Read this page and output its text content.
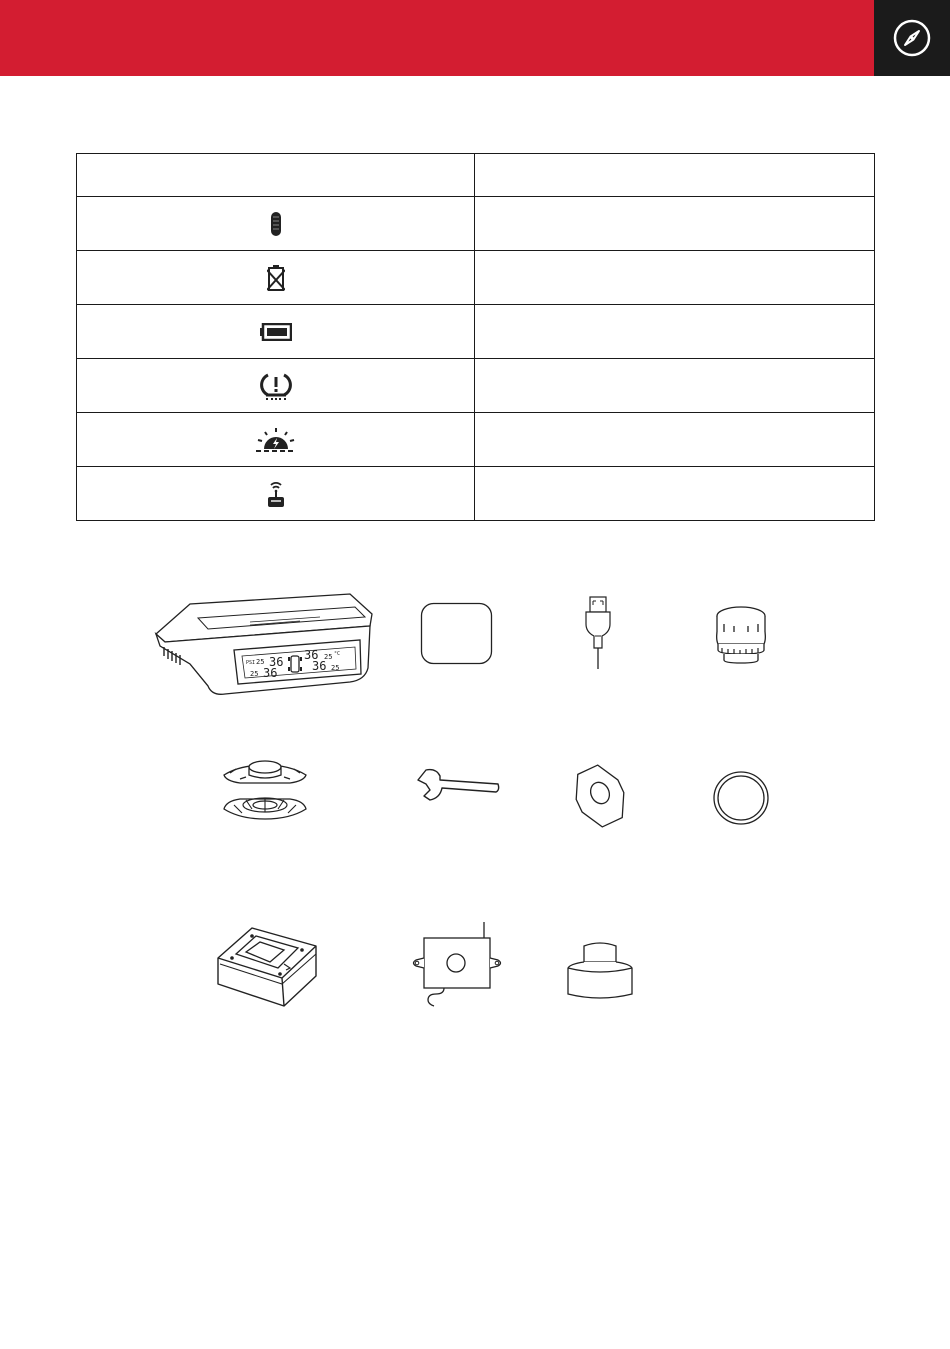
PSI 25 36
25 36
36 25 °C
36 25
